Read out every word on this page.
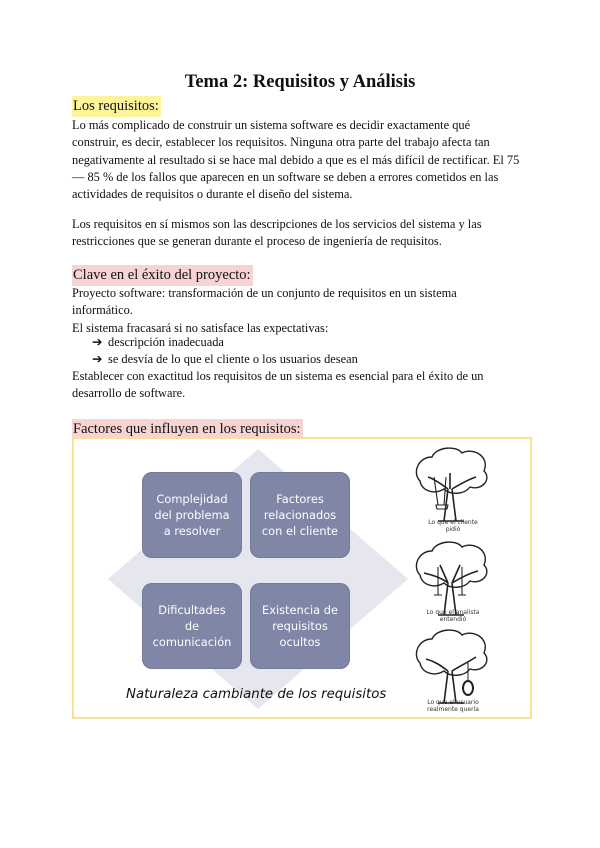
Tema 2: Requisitos y Análisis
Los requisitos:

Lo más complicado de construir un sistema software es decidir exactamente qué
construir, es decir, establecer los requisitos. Ninguna otra parte del trabajo afecta tan
negativamente al resultado si se hace mal debido a que es el más difícil de rectificar. El 75
— 85 % de los fallos que aparecen en un software se deben a errores cometidos en las
actividades de requisitos o durante el diseño del sistema.

Los requisitos en sí mismos son las descripciones de los servicios del sistema y las
restricciones que se generan durante el proceso de ingeniería de requisitos.

Clave en el éxito del proyecto:

Proyecto software: transformación de un conjunto de requisitos en un sistema
informático.
El sistema fracasará si no satisface las expectativas:

➔ descripción inadecuada
➔ se desvía de lo que el cliente o los usuarios desean

Establecer con exactitud los requisitos de un sistema es esencial para el éxito de un
desarrollo de software.

Factores que influyen en los requisitos:
Complejidad
del problema
a resolver
Factores
relacionados
con el cliente
Dificultades
de
comunicación
Existencia de
requisitos
ocultos
Naturaleza cambiante de los requisitos
Lo que el cliente
pidió
Lo que el analista
entendió
Lo que el usuario
realmente quería
